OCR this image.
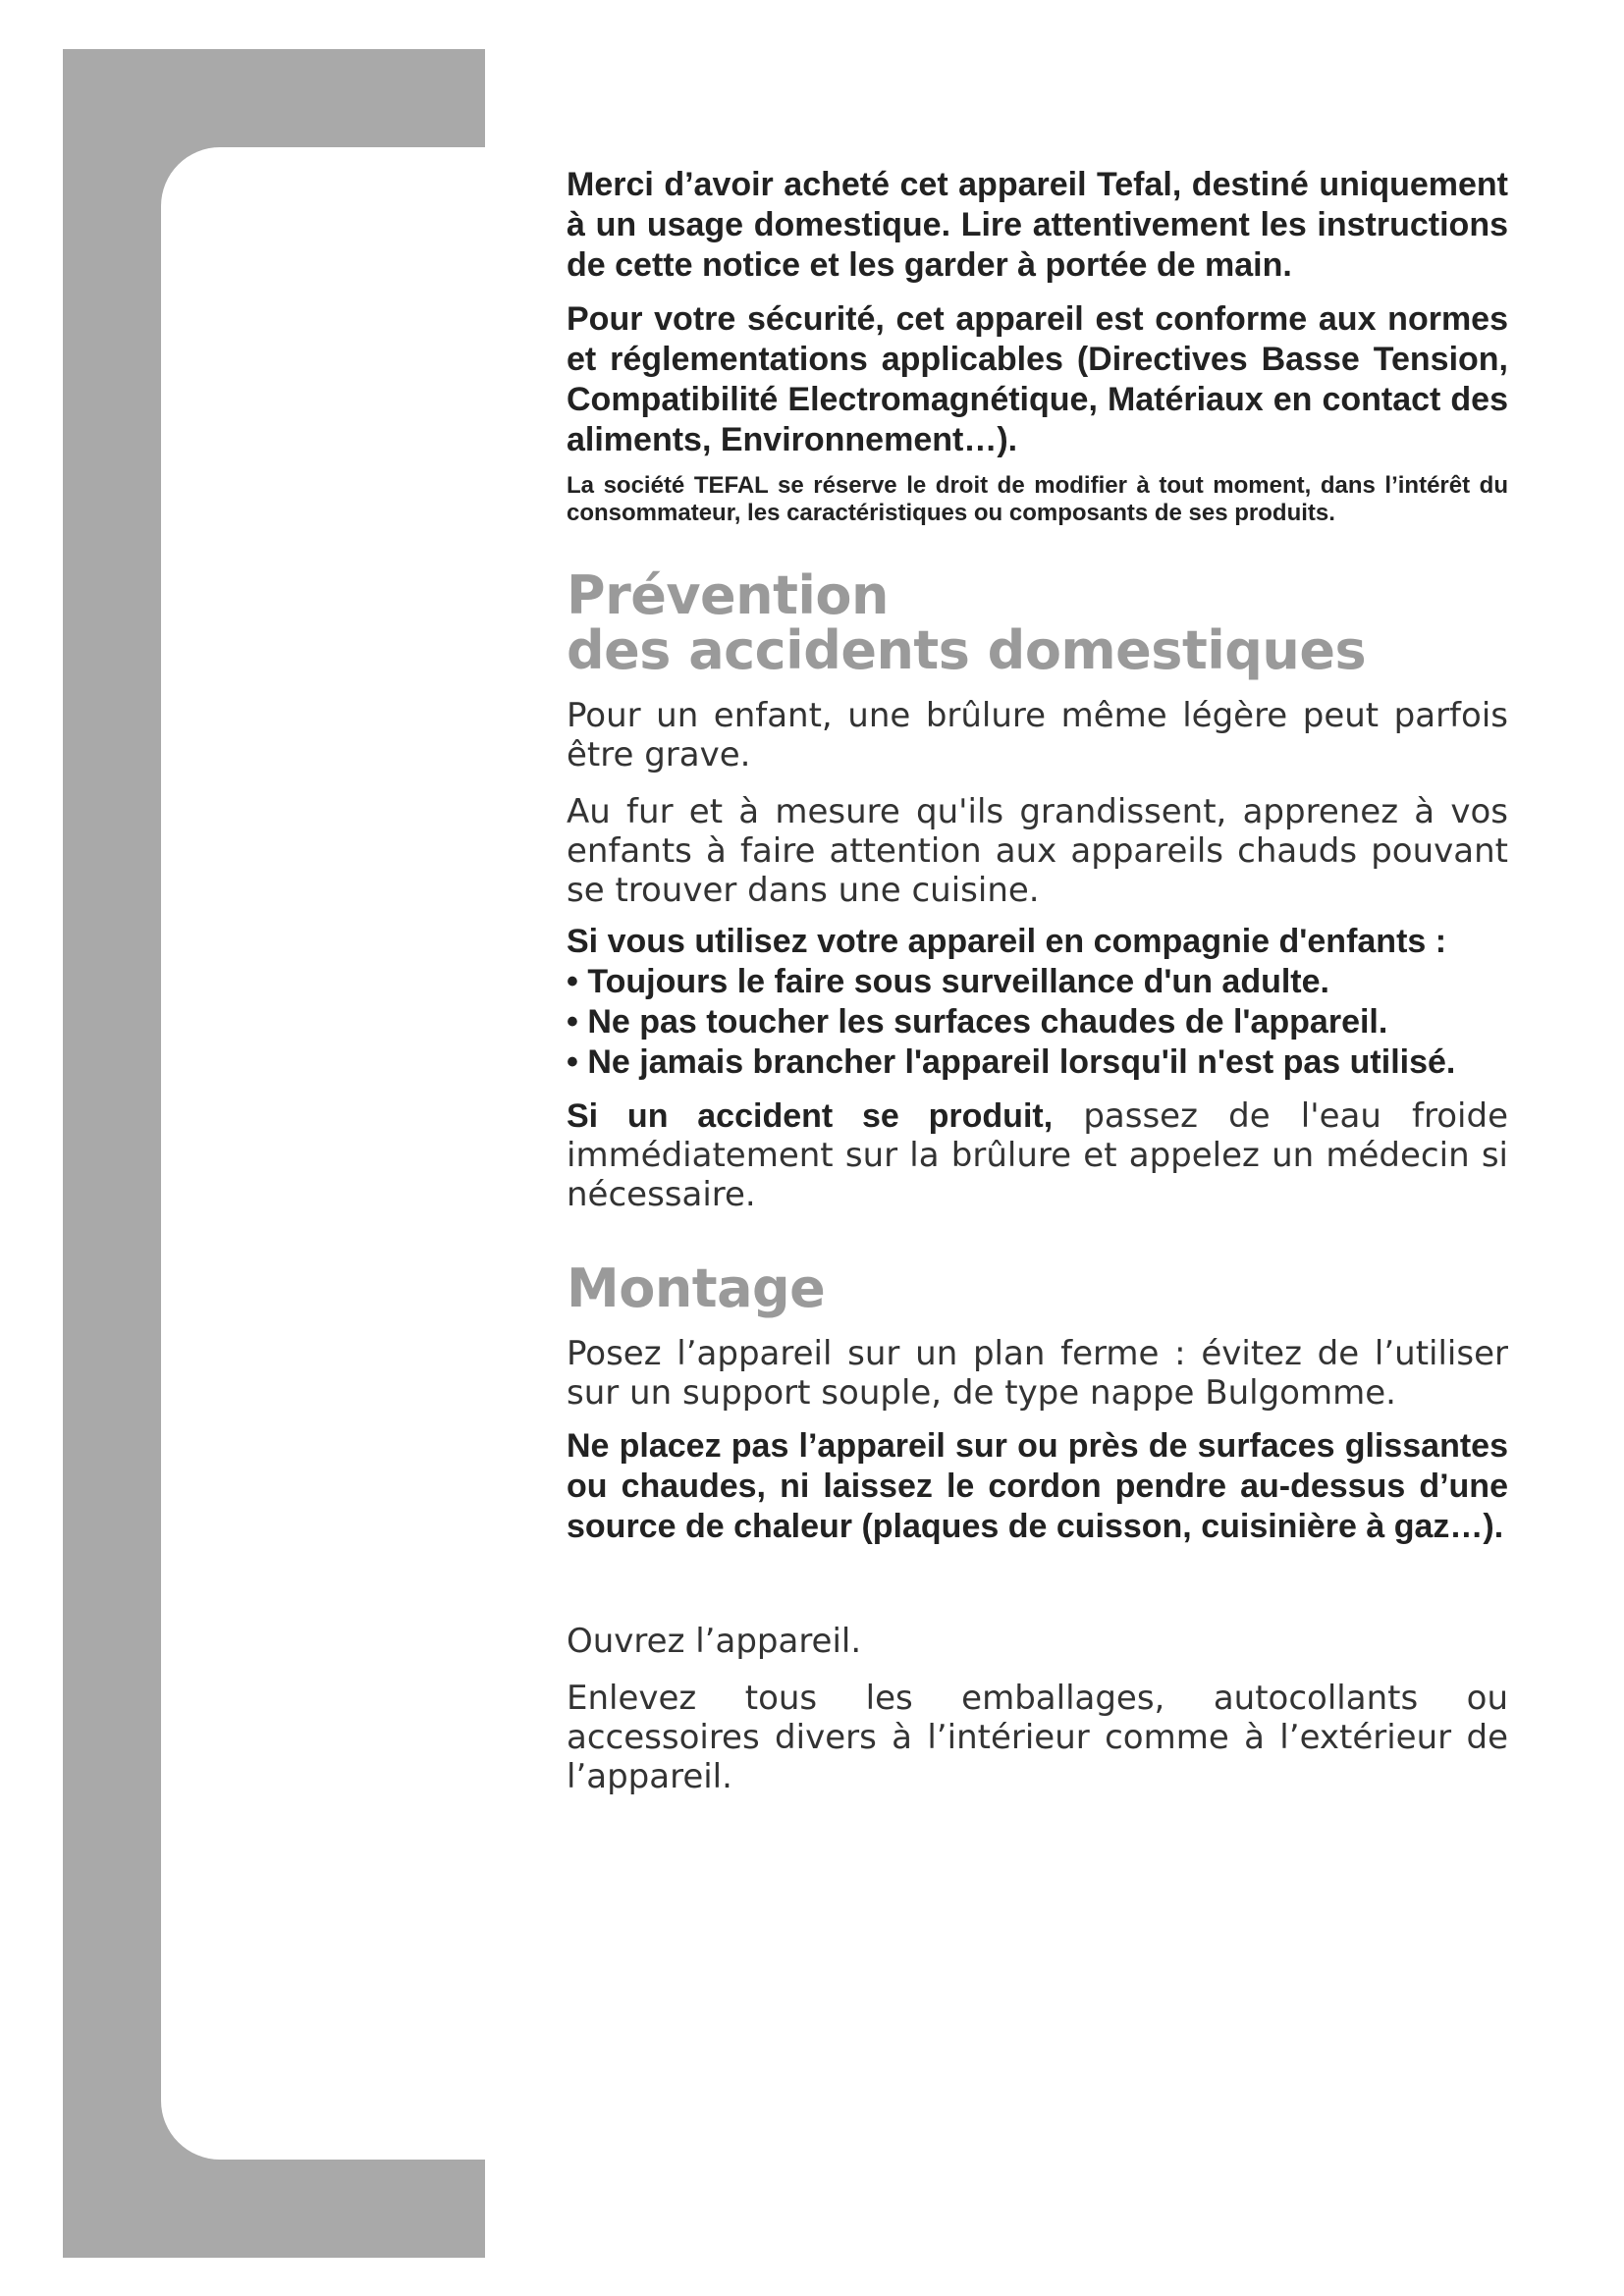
Merci d’avoir acheté cet appareil Tefal, destiné uniquement à un usage domestique. Lire attentivement les instructions de cette notice et les garder à portée de main.

Pour votre sécurité, cet appareil est conforme aux normes et réglementations applicables (Directives Basse Tension, Compatibilité Electromagnétique, Matériaux en contact des aliments, Environnement…).

La société TEFAL se réserve le droit de modifier à tout moment, dans l’intérêt du consommateur, les caractéristiques ou composants de ses produits.

Prévention
des accidents domestiques

Pour un enfant, une brûlure même légère peut parfois être grave.

Au fur et à mesure qu'ils grandissent, apprenez à vos enfants à faire attention aux appareils chauds pouvant se trouver dans une cuisine.

Si vous utilisez votre appareil en compagnie d'enfants :

• Toujours le faire sous surveillance d'un adulte.
• Ne pas toucher les surfaces chaudes de l'appareil.
• Ne jamais brancher l'appareil lorsqu'il n'est pas utilisé.

Si un accident se produit, passez de l'eau froide immédiatement sur la brûlure et appelez un médecin si nécessaire.

Montage

Posez l’appareil sur un plan ferme : évitez de l’utiliser sur un support souple, de type nappe Bulgomme.

Ne placez pas l’appareil sur ou près de surfaces glissantes ou chaudes, ni laissez le cordon pendre au-dessus d’une source de chaleur (plaques de cuisson, cuisinière à gaz…).

Ouvrez l’appareil.

Enlevez tous les emballages, autocollants ou accessoires divers à l’intérieur comme à l’extérieur de l’appareil.
